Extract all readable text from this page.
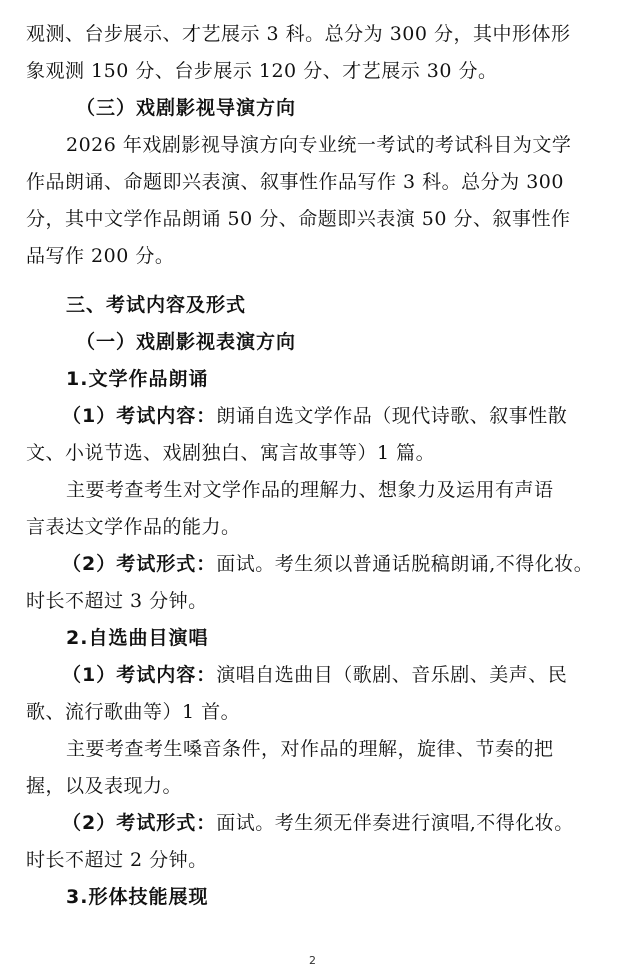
观测、台步展示、才艺展示 3 科。总分为 300 分，其中形体形
象观测 150 分、台步展示 120 分、才艺展示 30 分。
（三）戏剧影视导演方向
2026 年戏剧影视导演方向专业统一考试的考试科目为文学
作品朗诵、命题即兴表演、叙事性作品写作 3 科。总分为 300
分，其中文学作品朗诵 50 分、命题即兴表演 50 分、叙事性作
品写作 200 分。
三、考试内容及形式
（一）戏剧影视表演方向
1.文学作品朗诵
（1）考试内容：朗诵自选文学作品（现代诗歌、叙事性散
文、小说节选、戏剧独白、寓言故事等）1 篇。
主要考查考生对文学作品的理解力、想象力及运用有声语
言表达文学作品的能力。
（2）考试形式：面试。考生须以普通话脱稿朗诵,不得化妆。
时长不超过 3 分钟。
2.自选曲目演唱
（1）考试内容：演唱自选曲目（歌剧、音乐剧、美声、民
歌、流行歌曲等）1 首。
主要考查考生嗓音条件，对作品的理解，旋律、节奏的把
握，以及表现力。
（2）考试形式：面试。考生须无伴奏进行演唱,不得化妆。
时长不超过 2 分钟。
3.形体技能展现
2
